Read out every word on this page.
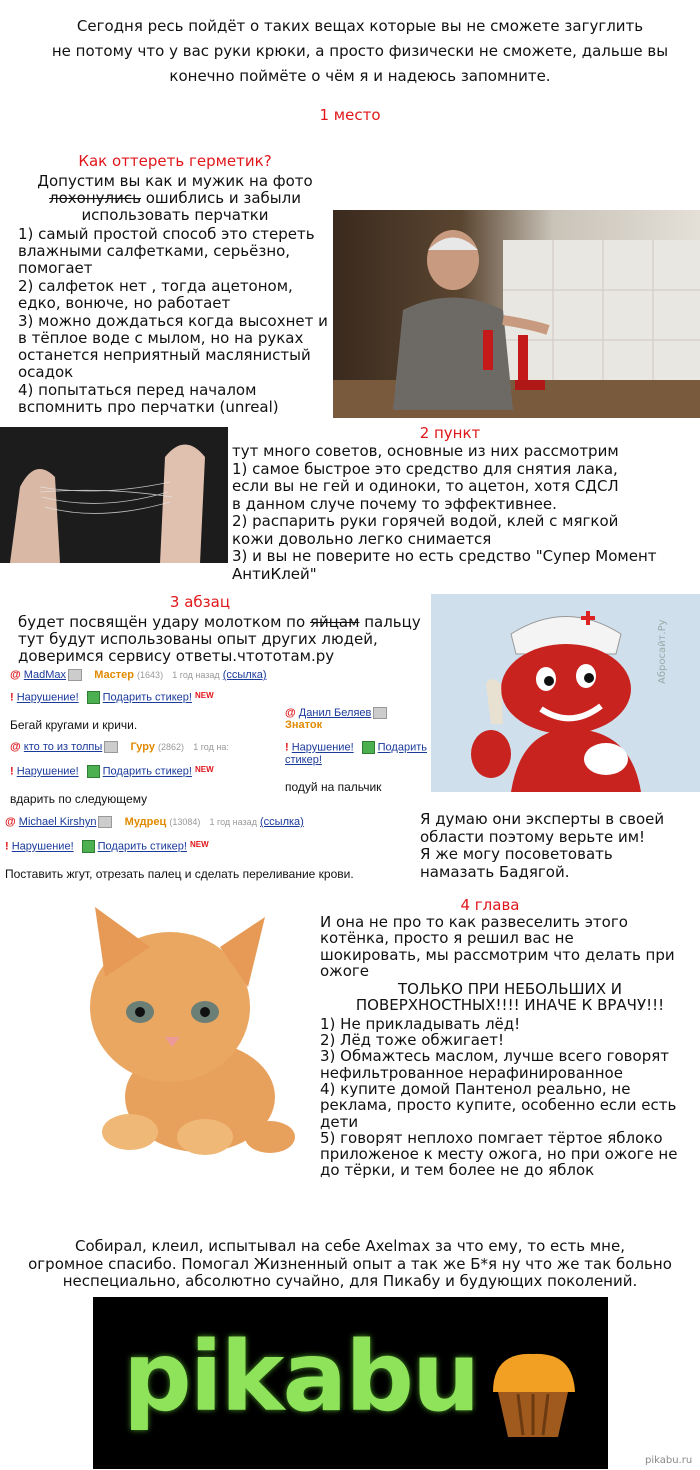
Сегодня ресь пойдёт о таких вещах которые вы не сможете загуглить
не потому что у вас руки крюки, а просто физически не сможете, дальше вы
конечно поймёте о чём я и надеюсь запомните.
1 место
Как оттереть герметик?
Допустим вы как и мужик на фото
лохонулись ошиблись и забыли
использовать перчатки
1) самый простой способ это стереть влажными салфетками, серьёзно, помогает
2) салфеток нет , тогда ацетоном, едко, вонюче, но работает
3) можно дождаться когда высохнет и в тёплое воде с мылом, но на руках останется неприятный маслянистый осадок
4) попытаться перед началом вспомнить про перчатки (unreal)
2 пункт
тут много советов, основные из них рассмотрим
1) самое быстрое это средство для снятия лака,
если вы не гей и одиноки, то ацетон, хотя СДСЛ
в данном случе почему то эффективнее.
2) распарить руки горячей водой, клей с мягкой
кожи довольно легко снимается
3) и вы не поверите но есть средство "Супер Момент
АнтиКлей"
3 абзац
будет посвящён удару молотком по яйцам пальцу
тут будут использованы опыт других людей,
доверимся сервису ответы.чтототам.ру
@ MadMax	Мастер (1643) 1 год назад (ссылка)
! Нарушение! Подарить стикер! $^{NEW}$
Бегай кругами и кричи.
@ Данил Беляев    Знаток
! Нарушение! Подарить стикер!
подуй на пальчик
@ кто то из толпы	Гуру (2862) 1 год на:
! Нарушение! Подарить стикер! $^{NEW}$
вдарить по следующему
@ Michael Kirshyn	Мудрец (13084) 1 год назад (ссылка)
! Нарушение! Подарить стикер! $^{NEW}$
Поставить жгут, отрезать палец и сделать переливание крови.
Абросайт.Ру
Я думаю они эксперты в своей
области поэтому верьте им!
Я же могу посоветовать
намазать Бадягой.
4 глава
И она не про то как развеселить этого
котёнка, просто я решил вас не
шокировать, мы рассмотрим что делать при
ожоге
ТОЛЬКО ПРИ НЕБОЛЬШИХ И
ПОВЕРХНОСТНЫХ!!!! ИНАЧЕ К ВРАЧУ!!!
1) Не прикладывать лёд!
2) Лёд тоже обжигает!
3) Обмажтесь маслом, лучше всего говорят
нефильтрованное нерафинированное
4) купите домой Пантенол реально, не
реклама, просто купите, особенно если есть
дети
5) говорят неплохо помгает тёртое яблоко
приложеное к месту ожога, но при ожоге не
до тёрки, и тем более не до яблок
Собирал, клеил, испытывал на себе Axelmax за что ему, то есть мне,
огромное спасибо. Помогал Жизненный опыт а так же Б*я ну что же так больно
неспециально, абсолютно сучайно, для Пикабу и будующих поколений.
pikabu
pikabu.ru
